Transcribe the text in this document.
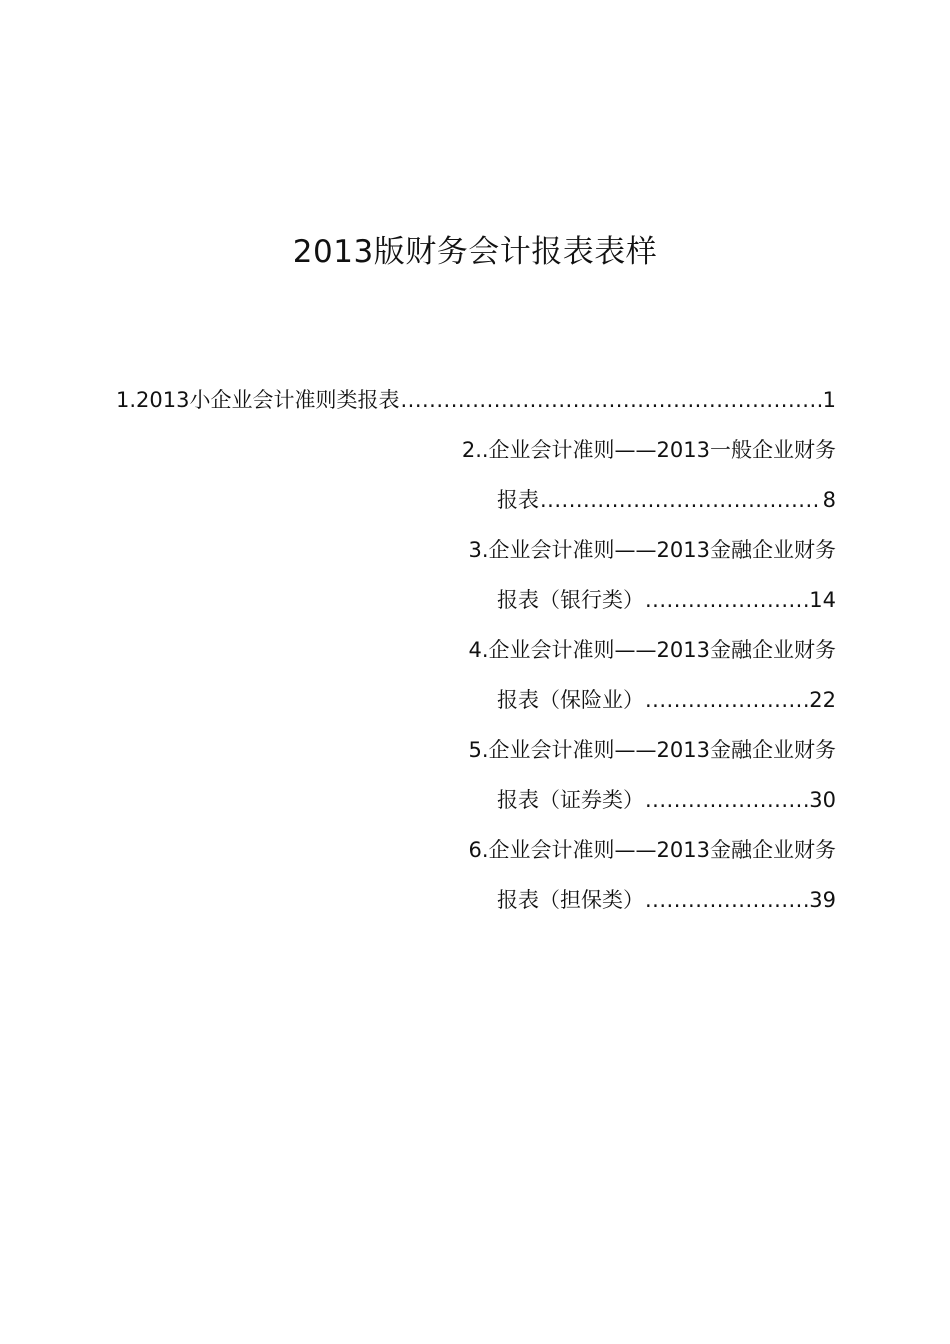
2013版财务会计报表表样
1.2013小企业会计准则类报表 .....	1
2..企业会计准则——2013一般企业财务
报表 .....	8
3.企业会计准则——2013金融企业财务
报表（银行类） .....	14
4.企业会计准则——2013金融企业财务
报表（保险业） .....	22
5.企业会计准则——2013金融企业财务
报表（证券类） .....	30
6.企业会计准则——2013金融企业财务
报表（担保类） .....	39
